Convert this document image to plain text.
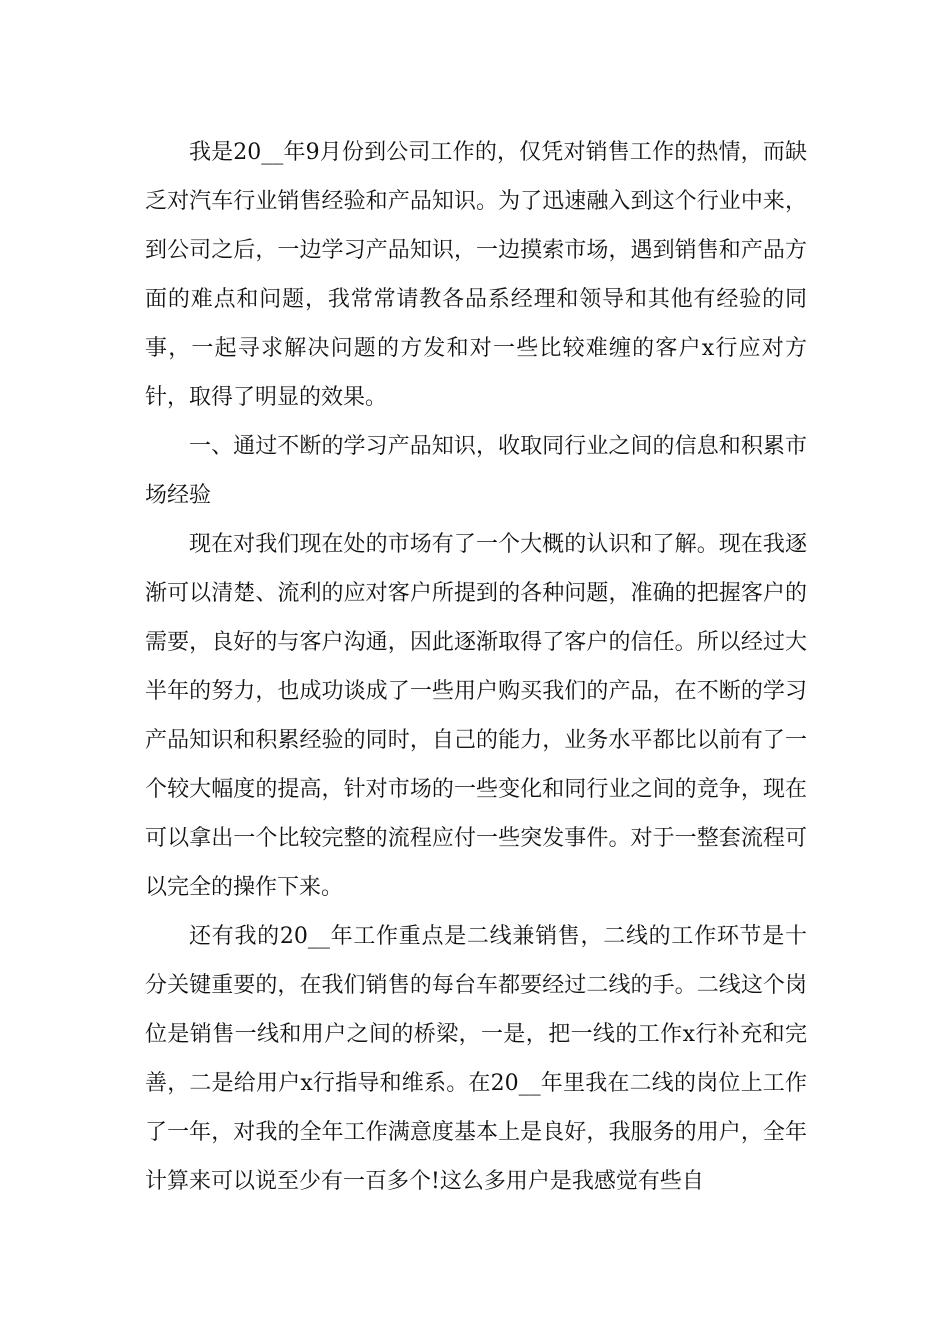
我是20__年9月份到公司工作的，仅凭对销售工作的热情，而缺乏对汽车行业销售经验和产品知识。为了迅速融入到这个行业中来，到公司之后，一边学习产品知识，一边摸索市场，遇到销售和产品方面的难点和问题，我常常请教各品系经理和领导和其他有经验的同事，一起寻求解决问题的方发和对一些比较难缠的客户x行应对方针，取得了明显的效果。

一、通过不断的学习产品知识，收取同行业之间的信息和积累市场经验

现在对我们现在处的市场有了一个大概的认识和了解。现在我逐渐可以清楚、流利的应对客户所提到的各种问题，准确的把握客户的需要，良好的与客户沟通，因此逐渐取得了客户的信任。所以经过大半年的努力，也成功谈成了一些用户购买我们的产品，在不断的学习产品知识和积累经验的同时，自己的能力，业务水平都比以前有了一个较大幅度的提高，针对市场的一些变化和同行业之间的竞争，现在可以拿出一个比较完整的流程应付一些突发事件。对于一整套流程可以完全的操作下来。

还有我的20__年工作重点是二线兼销售，二线的工作环节是十分关键重要的，在我们销售的每台车都要经过二线的手。二线这个岗位是销售一线和用户之间的桥梁，一是，把一线的工作x行补充和完善，二是给用户x行指导和维系。在20__年里我在二线的岗位上工作了一年，对我的全年工作满意度基本上是良好，我服务的用户，全年计算来可以说至少有一百多个!这么多用户是我感觉有些自
